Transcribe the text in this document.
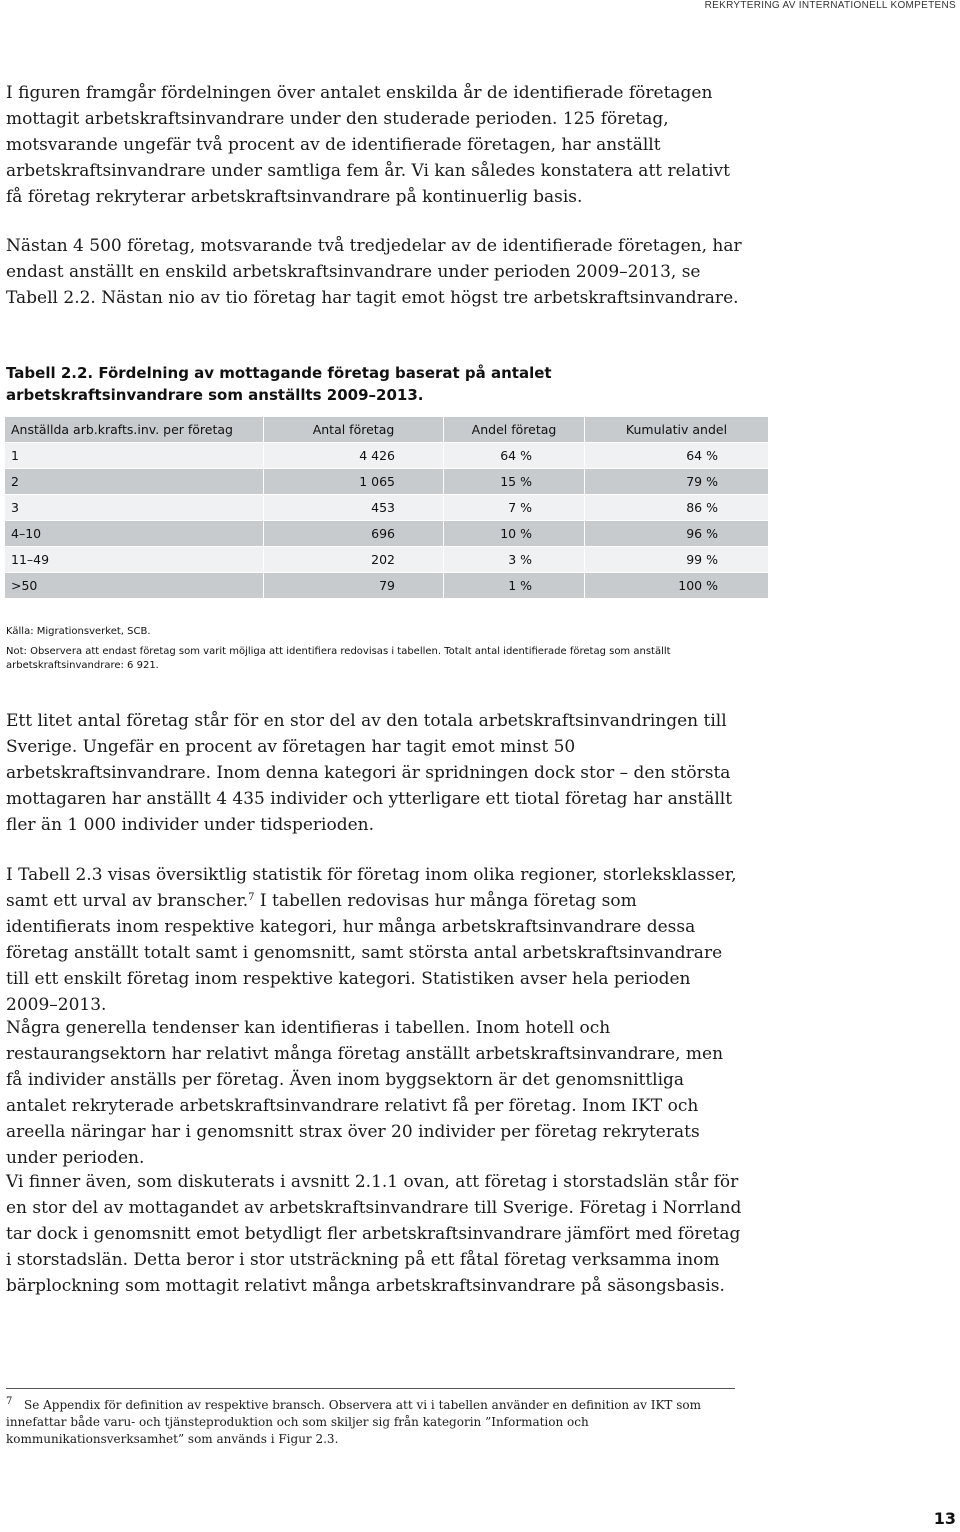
REKRYTERING AV INTERNATIONELL KOMPETENS

I figuren framgår fördelningen över antalet enskilda år de identifierade företagen mottagit arbetskraftsinvandrare under den studerade perioden. 125 företag, motsvarande ungefär två procent av de identifierade företagen, har anställt arbetskraftsinvandrare under samtliga fem år. Vi kan således konstatera att relativt få företag rekryterar arbetskraftsinvandrare på kontinuerlig basis.

Nästan 4 500 företag, motsvarande två tredjedelar av de identifierade företagen, har endast anställt en enskild arbetskraftsinvandrare under perioden 2009–2013, se Tabell 2.2. Nästan nio av tio företag har tagit emot högst tre arbetskraftsinvandrare.

Tabell 2.2. Fördelning av mottagande företag baserat på antalet arbetskraftsinvandrare som anställts 2009–2013.

Anställda arb.krafts.inv. per företag	Antal företag	Andel företag	Kumulativ andel
1	4 426	64 %	64 %
2	1 065	15 %	79 %
3	453	7 %	86 %
4–10	696	10 %	96 %
11–49	202	3 %	99 %
>50	79	1 %	100 %

Källa: Migrationsverket, SCB.

Not: Observera att endast företag som varit möjliga att identifiera redovisas i tabellen. Totalt antal identifierade företag som anställt arbetskraftsinvandrare: 6 921.

Ett litet antal företag står för en stor del av den totala arbetskraftsinvandringen till Sverige. Ungefär en procent av företagen har tagit emot minst 50 arbetskraftsinvandrare. Inom denna kategori är spridningen dock stor – den största mottagaren har anställt 4 435 individer och ytterligare ett tiotal företag har anställt fler än 1 000 individer under tidsperioden.

I Tabell 2.3 visas översiktlig statistik för företag inom olika regioner, storleksklasser, samt ett urval av branscher.$^7$ I tabellen redovisas hur många företag som identifierats inom respektive kategori, hur många arbetskraftsinvandrare dessa företag anställt totalt samt i genomsnitt, samt största antal arbetskraftsinvandrare till ett enskilt företag inom respektive kategori. Statistiken avser hela perioden 2009–2013.

Några generella tendenser kan identifieras i tabellen. Inom hotell och restaurangsektorn har relativt många företag anställt arbetskraftsinvandrare, men få individer anställs per företag. Även inom byggsektorn är det genomsnittliga antalet rekryterade arbetskraftsinvandrare relativt få per företag. Inom IKT och areella näringar har i genomsnitt strax över 20 individer per företag rekryterats under perioden.

Vi finner även, som diskuterats i avsnitt 2.1.1 ovan, att företag i storstadslän står för en stor del av mottagandet av arbetskraftsinvandrare till Sverige. Företag i Norrland tar dock i genomsnitt emot betydligt fler arbetskraftsinvandrare jämfört med företag i storstadslän. Detta beror i stor utsträckning på ett fåtal företag verksamma inom bärplockning som mottagit relativt många arbetskraftsinvandrare på säsongsbasis.

7 Se Appendix för definition av respektive bransch. Observera att vi i tabellen använder en definition av IKT som innefattar både varu- och tjänsteproduktion och som skiljer sig från kategorin ”Information och kommunikationsverksamhet” som används i Figur 2.3.

13
